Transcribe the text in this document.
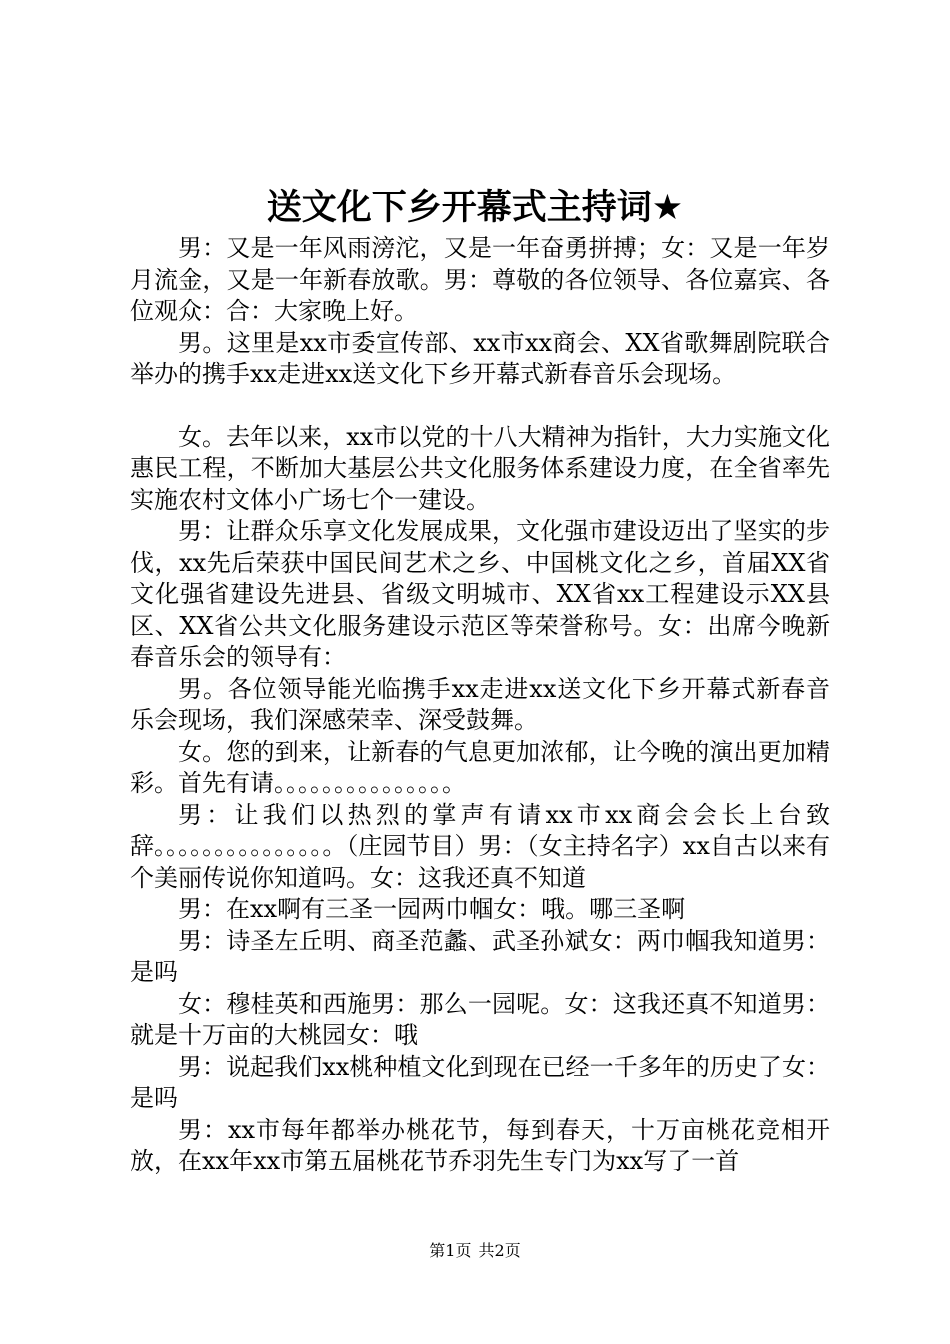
送文化下乡开幕式主持词★

男：又是一年风雨滂沱，又是一年奋勇拼搏；女：又是一年岁月流金，又是一年新春放歌。男：尊敬的各位领导、各位嘉宾、各位观众：合：大家晚上好。

男。这里是xx市委宣传部、xx市xx商会、XX省歌舞剧院联合举办的携手xx走进xx送文化下乡开幕式新春音乐会现场。

女。去年以来，xx市以党的十八大精神为指针，大力实施文化惠民工程，不断加大基层公共文化服务体系建设力度，在全省率先实施农村文体小广场七个一建设。

男：让群众乐享文化发展成果，文化强市建设迈出了坚实的步伐，xx先后荣获中国民间艺术之乡、中国桃文化之乡，首届XX省文化强省建设先进县、省级文明城市、XX省xx工程建设示XX县区、XX省公共文化服务建设示范区等荣誉称号。女：出席今晚新春音乐会的领导有：

男。各位领导能光临携手xx走进xx送文化下乡开幕式新春音乐会现场，我们深感荣幸、深受鼓舞。

女。您的到来，让新春的气息更加浓郁，让今晚的演出更加精彩。首先有请。。。。。。。。。。。。。。。

男：让我们以热烈的掌声有请xx市xx商会会长上台致辞。。。。。。。。。。。。。。。（庄园节目）男：（女主持名字）xx自古以来有个美丽传说你知道吗。女：这我还真不知道

男：在xx啊有三圣一园两巾帼女：哦。哪三圣啊

男：诗圣左丘明、商圣范蠡、武圣孙斌女：两巾帼我知道男：是吗

女：穆桂英和西施男：那么一园呢。女：这我还真不知道男：就是十万亩的大桃园女：哦

男：说起我们xx桃种植文化到现在已经一千多年的历史了女：是吗

男：xx市每年都举办桃花节，每到春天，十万亩桃花竞相开放，在xx年xx市第五届桃花节乔羽先生专门为xx写了一首

第1页 共2页
